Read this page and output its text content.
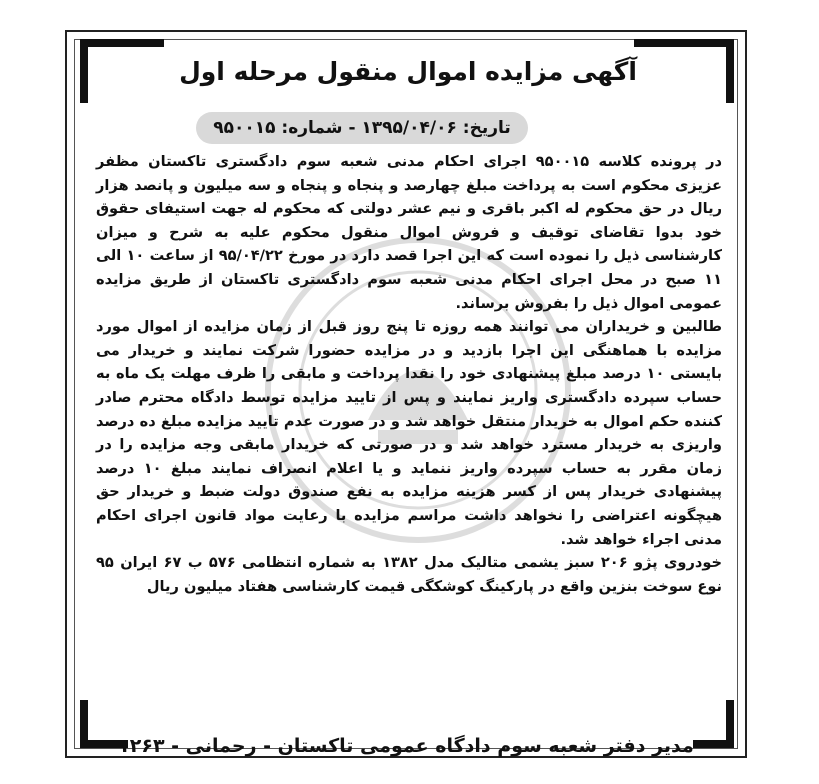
آگهی مزایده اموال منقول مرحله اول
تاریخ: ۱۳۹۵/۰۴/۰۶ - شماره: ۹۵۰۰۱۵

در پرونده کلاسه ۹۵۰۰۱۵ اجرای احکام مدنی شعبه سوم دادگستری تاکستان مظفر عزیزی محکوم است به پرداخت مبلغ چهارصد و پنجاه و پنجاه و سه میلیون و پانصد هزار ریال در حق محکوم له اکبر باقری و نیم عشر دولتی که محکوم له جهت استیفای حقوق خود بدوا تقاضای توقیف و فروش اموال منقول محکوم علیه به شرح و میزان کارشناسی ذیل را نموده است که این اجرا قصد دارد در مورخ ۹۵/۰۴/۲۲ از ساعت ۱۰ الی ۱۱ صبح در محل اجرای احکام مدنی شعبه سوم دادگستری تاکستان از طریق مزایده عمومی اموال ذیل را بفروش برساند.

طالبین و خریداران می توانند همه روزه تا پنج روز قبل از زمان مزایده از اموال مورد مزایده با هماهنگی این اجرا بازدید و در مزایده حضورا شرکت نمایند و خریدار می بایستی ۱۰ درصد مبلغ پیشنهادی خود را نقدا پرداخت و مابقی را ظرف مهلت یک ماه به حساب سپرده دادگستری واریز نمایند و پس از تایید مزایده توسط دادگاه محترم صادر کننده حکم اموال به خریدار منتقل خواهد شد و در صورت عدم تایید مزایده مبلغ ده درصد واریزی به خریدار مسترد خواهد شد و در صورتی که خریدار مابقی وجه مزایده را در زمان مقرر به حساب سپرده واریز ننماید و یا اعلام انصراف نمایند مبلغ ۱۰ درصد پیشنهادی خریدار پس از کسر هزینه مزایده به نفع صندوق دولت ضبط و خریدار حق هیچگونه اعتراضی را نخواهد داشت مراسم مزایده با رعایت مواد قانون اجرای احکام مدنی اجراء خواهد شد.

خودروی پژو ۲۰۶ سبز یشمی متالیک مدل ۱۳۸۲ به شماره انتظامی ۵۷۶ ب ۶۷ ایران ۹۵ نوع سوخت بنزین واقع در پارکینگ کوشکگی قیمت کارشناسی هفتاد میلیون ریال

مدیر دفتر شعبه سوم دادگاه عمومی تاکستان - رحمانی - ۱۲۶۳
